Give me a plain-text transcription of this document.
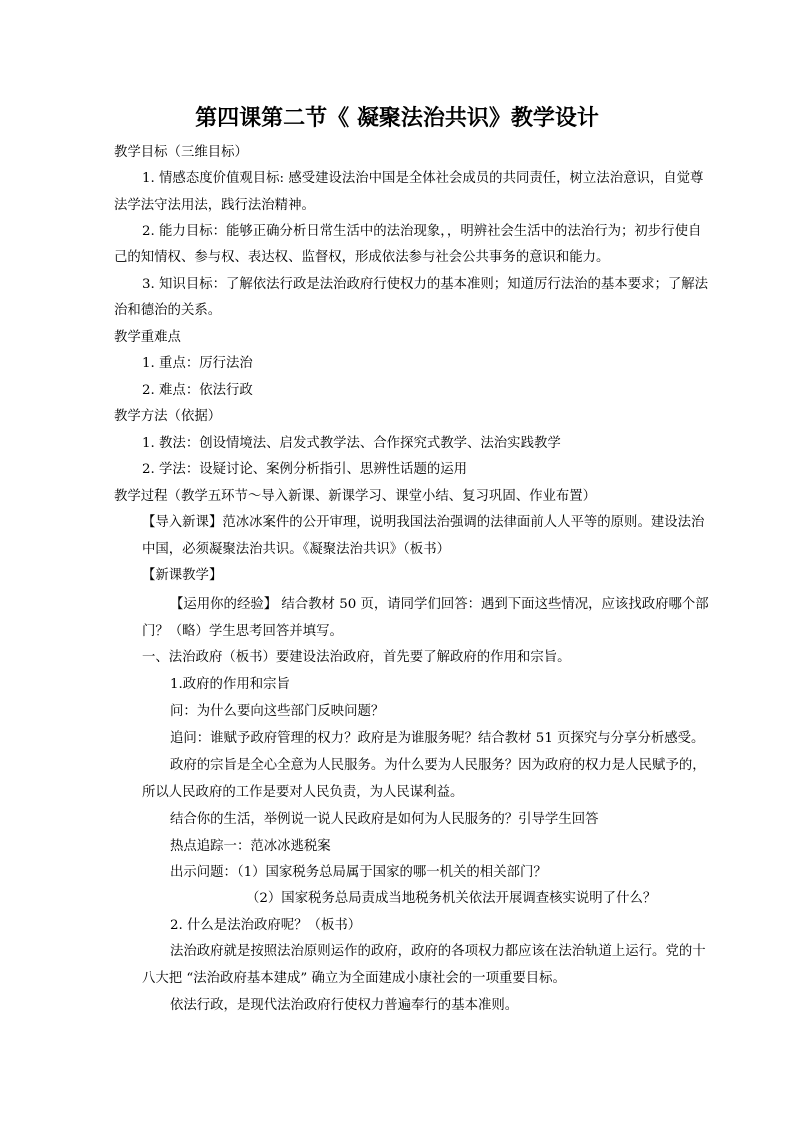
第四课第二节《 凝聚法治共识》教学设计
教学目标（三维目标）
1. 情感态度价值观目标: 感受建设法治中国是全体社会成员的共同责任，树立法治意识，自觉尊
法学法守法用法，践行法治精神。
2. 能力目标：能够正确分析日常生活中的法治现象，，明辨社会生活中的法治行为；初步行使自
己的知情权、参与权、表达权、监督权，形成依法参与社会公共事务的意识和能力。
3. 知识目标：了解依法行政是法治政府行使权力的基本准则；知道厉行法治的基本要求；了解法
治和德治的关系。
教学重难点
1. 重点：厉行法治
2. 难点：依法行政
教学方法（依据）
1. 教法：创设情境法、启发式教学法、合作探究式教学、法治实践教学
2. 学法：设疑讨论、案例分析指引、思辨性话题的运用
教学过程（教学五环节～导入新课、新课学习、课堂小结、复习巩固、作业布置）
【导入新课】范冰冰案件的公开审理，说明我国法治强调的法律面前人人平等的原则。建设法治
中国，必须凝聚法治共识。《凝聚法治共识》（板书）
【新课教学】
【运用你的经验】 结合教材 50 页，请同学们回答：遇到下面这些情况，应该找政府哪个部
门？（略）学生思考回答并填写。
一、法治政府（板书）要建设法治政府，首先要了解政府的作用和宗旨。
1.政府的作用和宗旨
问：为什么要向这些部门反映问题？
追问：谁赋予政府管理的权力？政府是为谁服务呢？结合教材 51 页探究与分享分析感受。
政府的宗旨是全心全意为人民服务。为什么要为人民服务？因为政府的权力是人民赋予的，
所以人民政府的工作是要对人民负责，为人民谋利益。
结合你的生活，举例说一说人民政府是如何为人民服务的？引导学生回答
热点追踪一：范冰冰逃税案
出示问题：（1）国家税务总局属于国家的哪一机关的相关部门？
（2）国家税务总局责成当地税务机关依法开展调查核实说明了什么？
2. 什么是法治政府呢？（板书）
法治政府就是按照法治原则运作的政府，政府的各项权力都应该在法治轨道上运行。党的十
八大把 “法治政府基本建成” 确立为全面建成小康社会的一项重要目标。
依法行政，是现代法治政府行使权力普遍奉行的基本准则。
